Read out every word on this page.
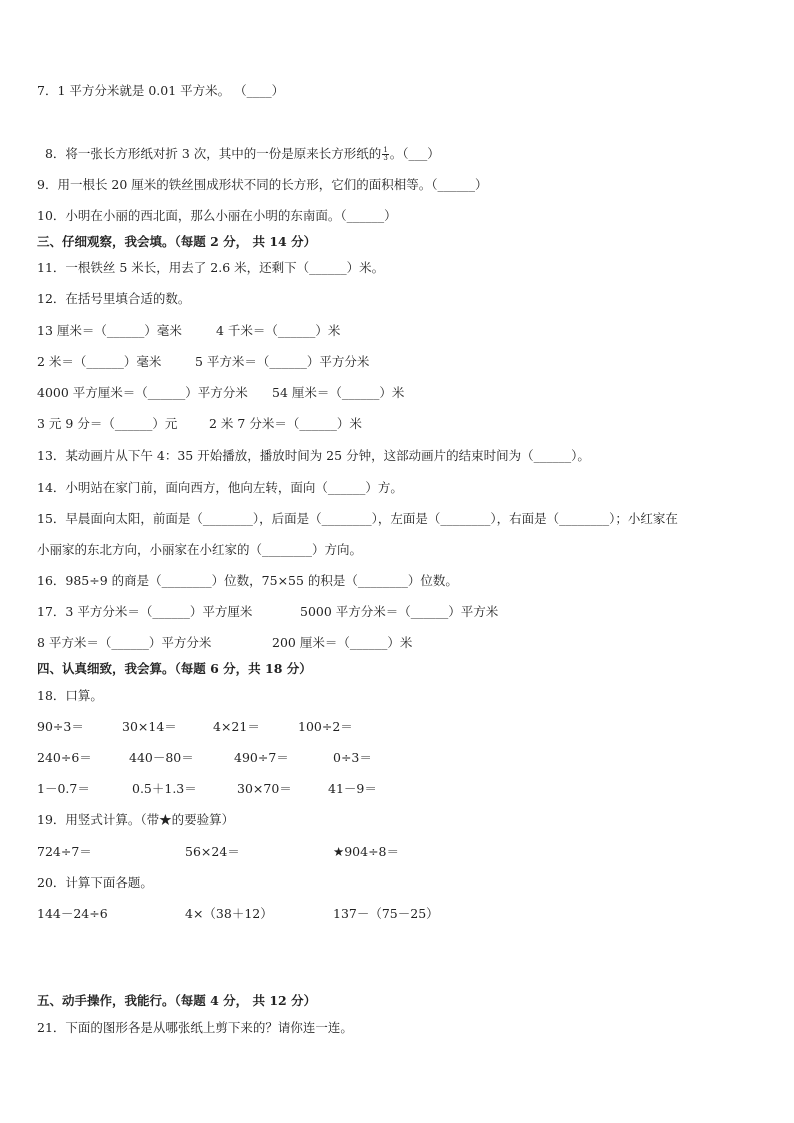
7．1 平方分米就是 0.01 平方米。 （____）

8．将一张长方形纸对折 3 次，其中的一份是原来长方形纸的 $\frac{1}{3}$ 。（___）

9．用一根长 20 厘米的铁丝围成形状不同的长方形，它们的面积相等。（______）
10．小明在小丽的西北面，那么小丽在小明的东南面。（______）
三、仔细观察，我会填。（每题 2 分， 共 14 分）
11．一根铁丝 5 米长，用去了 2.6 米，还剩下（______）米。
12．在括号里填合适的数。
13 厘米＝（______）毫米	4 千米＝（______）米
2 米＝（______）毫米	5 平方米＝（______）平方分米
4000 平方厘米＝（______）平方分米 54 厘米＝（______）米
3 元 9 分＝（______）元	2 米 7 分米＝（______）米
13．某动画片从下午 4：35 开始播放，播放时间为 25 分钟，这部动画片的结束时间为（______）。
14．小明站在家门前，面向西方，他向左转，面向（______）方。
15．早晨面向太阳，前面是（________），后面是（________），左面是（________），右面是（________）；小红家在
小丽家的东北方向，小丽家在小红家的（________）方向。
16．985÷9 的商是（________）位数，75×55 的积是（________）位数。
17．3 平方分米＝（______）平方厘米	5000 平方分米＝（______）平方米
8 平方米＝（______）平方分米	200 厘米＝（______）米
四、认真细致，我会算。（每题 6 分，共 18 分）
18．口算。
90÷3＝	30×14＝	4×21＝	100÷2＝
240÷6＝	440－80＝	490÷7＝	0÷3＝
1－0.7＝	0.5＋1.3＝	30×70＝	41－9＝
19．用竖式计算。（带★的要验算）
724÷7＝	56×24＝	★904÷8＝
20．计算下面各题。
144－24÷6	4×（38＋12）	137－（75－25）
五、动手操作，我能行。（每题 4 分， 共 12 分）
21．下面的图形各是从哪张纸上剪下来的？请你连一连。
